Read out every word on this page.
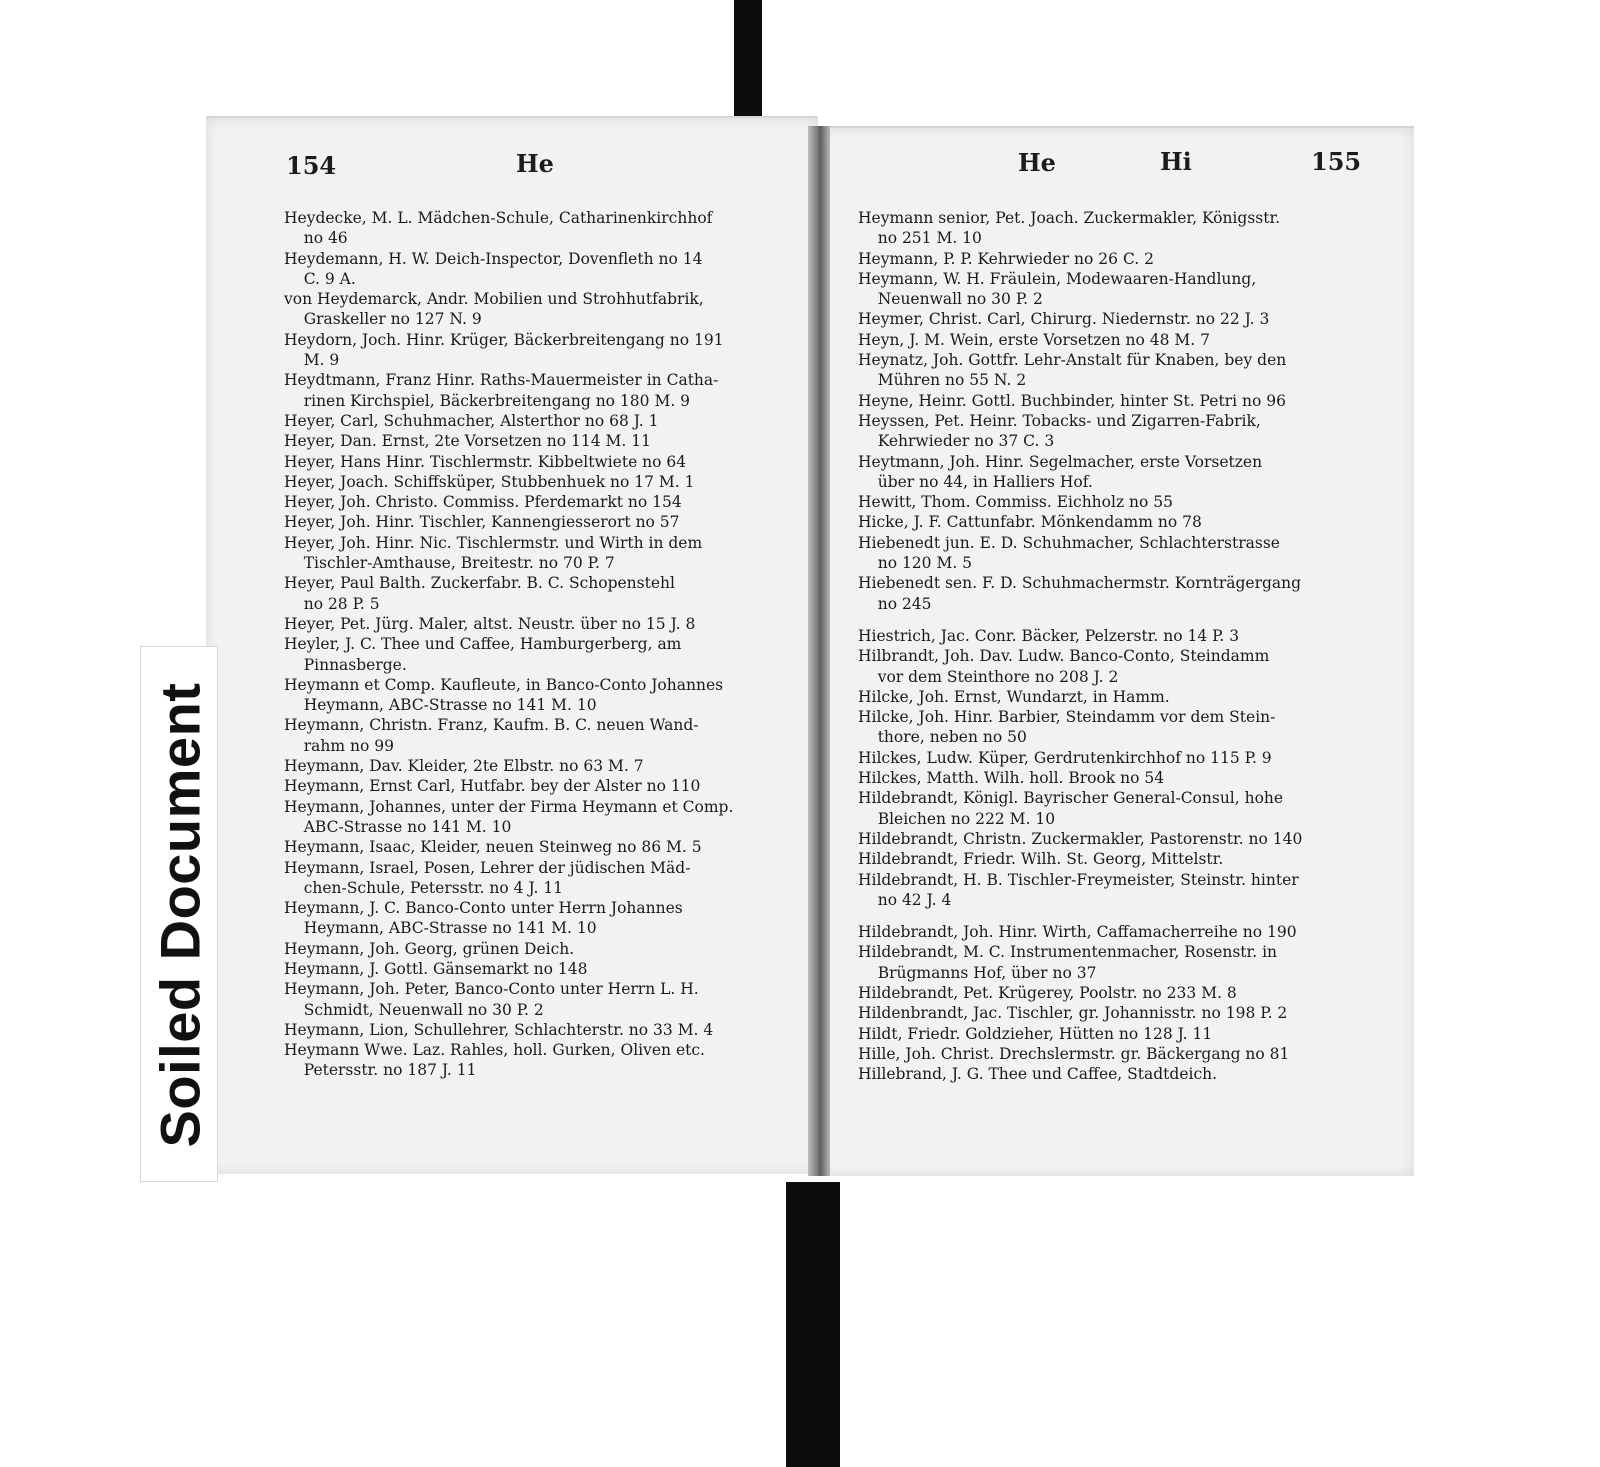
154	He	He	Hi	155
Heydecke, M. L. Mädchen-Schule, Catharinenkirchhof
no 46
Heydemann, H. W. Deich-Inspector, Dovenfleth no 14
C. 9 A.
von Heydemarck, Andr. Mobilien und Strohhutfabrik,
Graskeller no 127 N. 9
Heydorn, Joch. Hinr. Krüger, Bäckerbreitengang no 191
M. 9
Heydtmann, Franz Hinr. Raths-Mauermeister in Catha-
rinen Kirchspiel, Bäckerbreitengang no 180 M. 9
Heyer, Carl, Schuhmacher, Alsterthor no 68 J. 1
Heyer, Dan. Ernst, 2te Vorsetzen no 114 M. 11
Heyer, Hans Hinr. Tischlermstr. Kibbeltwiete no 64
Heyer, Joach. Schiffsküper, Stubbenhuek no 17 M. 1
Heyer, Joh. Christo. Commiss. Pferdemarkt no 154
Heyer, Joh. Hinr. Tischler, Kannengiesserort no 57
Heyer, Joh. Hinr. Nic. Tischlermstr. und Wirth in dem
Tischler-Amthause, Breitestr. no 70 P. 7
Heyer, Paul Balth. Zuckerfabr. B. C. Schopenstehl
no 28 P. 5
Heyer, Pet. Jürg. Maler, altst. Neustr. über no 15 J. 8
Heyler, J. C. Thee und Caffee, Hamburgerberg, am
Pinnasberge.
Heymann et Comp. Kaufleute, in Banco-Conto Johannes
Heymann, ABC-Strasse no 141 M. 10
Heymann, Christn. Franz, Kaufm. B. C. neuen Wand-
rahm no 99
Heymann, Dav. Kleider, 2te Elbstr. no 63 M. 7
Heymann, Ernst Carl, Hutfabr. bey der Alster no 110
Heymann, Johannes, unter der Firma Heymann et Comp.
ABC-Strasse no 141 M. 10
Heymann, Isaac, Kleider, neuen Steinweg no 86 M. 5
Heymann, Israel, Posen, Lehrer der jüdischen Mäd-
chen-Schule, Petersstr. no 4 J. 11
Heymann, J. C. Banco-Conto unter Herrn Johannes
Heymann, ABC-Strasse no 141 M. 10
Heymann, Joh. Georg, grünen Deich.
Heymann, J. Gottl. Gänsemarkt no 148
Heymann, Joh. Peter, Banco-Conto unter Herrn L. H.
Schmidt, Neuenwall no 30 P. 2
Heymann, Lion, Schullehrer, Schlachterstr. no 33 M. 4
Heymann Wwe. Laz. Rahles, holl. Gurken, Oliven etc.
Petersstr. no 187 J. 11
Heymann senior, Pet. Joach. Zuckermakler, Königsstr.
no 251 M. 10
Heymann, P. P. Kehrwieder no 26 C. 2
Heymann, W. H. Fräulein, Modewaaren-Handlung,
Neuenwall no 30 P. 2
Heymer, Christ. Carl, Chirurg. Niedernstr. no 22 J. 3
Heyn, J. M. Wein, erste Vorsetzen no 48 M. 7
Heynatz, Joh. Gottfr. Lehr-Anstalt für Knaben, bey den
Mühren no 55 N. 2
Heyne, Heinr. Gottl. Buchbinder, hinter St. Petri no 96
Heyssen, Pet. Heinr. Tobacks- und Zigarren-Fabrik,
Kehrwieder no 37 C. 3
Heytmann, Joh. Hinr. Segelmacher, erste Vorsetzen
über no 44, in Halliers Hof.
Hewitt, Thom. Commiss. Eichholz no 55
Hicke, J. F. Cattunfabr. Mönkendamm no 78
Hiebenedt jun. E. D. Schuhmacher, Schlachterstrasse
no 120 M. 5
Hiebenedt sen. F. D. Schuhmachermstr. Kornträgergang
no 245
Hiestrich, Jac. Conr. Bäcker, Pelzerstr. no 14 P. 3
Hilbrandt, Joh. Dav. Ludw. Banco-Conto, Steindamm
vor dem Steinthore no 208 J. 2
Hilcke, Joh. Ernst, Wundarzt, in Hamm.
Hilcke, Joh. Hinr. Barbier, Steindamm vor dem Stein-
thore, neben no 50
Hilckes, Ludw. Küper, Gerdrutenkirchhof no 115 P. 9
Hilckes, Matth. Wilh. holl. Brook no 54
Hildebrandt, Königl. Bayrischer General-Consul, hohe
Bleichen no 222 M. 10
Hildebrandt, Christn. Zuckermakler, Pastorenstr. no 140
Hildebrandt, Friedr. Wilh. St. Georg, Mittelstr.
Hildebrandt, H. B. Tischler-Freymeister, Steinstr. hinter
no 42 J. 4
Hildebrandt, Joh. Hinr. Wirth, Caffamacherreihe no 190
Hildebrandt, M. C. Instrumentenmacher, Rosenstr. in
Brügmanns Hof, über no 37
Hildebrandt, Pet. Krügerey, Poolstr. no 233 M. 8
Hildenbrandt, Jac. Tischler, gr. Johannisstr. no 198 P. 2
Hildt, Friedr. Goldzieher, Hütten no 128 J. 11
Hille, Joh. Christ. Drechslermstr. gr. Bäckergang no 81
Hillebrand, J. G. Thee und Caffee, Stadtdeich.
Soiled Document
